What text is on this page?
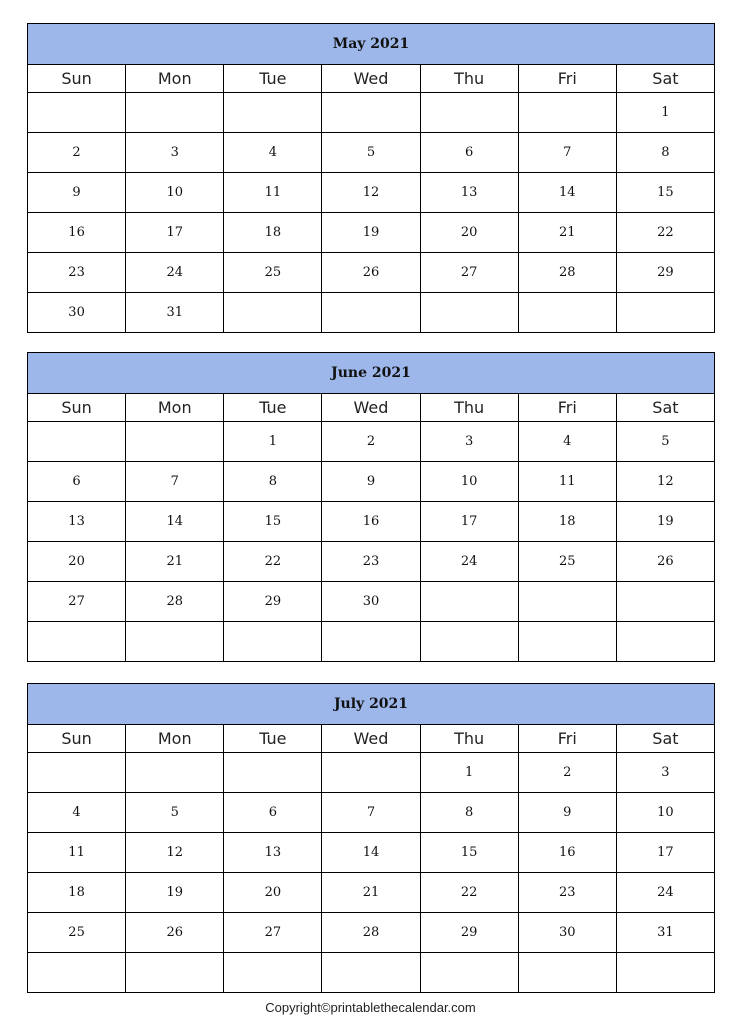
May 2021						
Sun	Mon	Tue	Wed	Thu	Fri	Sat
						1
2	3	4	5	6	7	8
9	10	11	12	13	14	15
16	17	18	19	20	21	22
23	24	25	26	27	28	29
30	31					
June 2021						
Sun	Mon	Tue	Wed	Thu	Fri	Sat
		1	2	3	4	5
6	7	8	9	10	11	12
13	14	15	16	17	18	19
20	21	22	23	24	25	26
27	28	29	30			

July 2021						
Sun	Mon	Tue	Wed	Thu	Fri	Sat
				1	2	3
4	5	6	7	8	9	10
11	12	13	14	15	16	17
18	19	20	21	22	23	24
25	26	27	28	29	30	31

Copyright©printablethecalendar.com
